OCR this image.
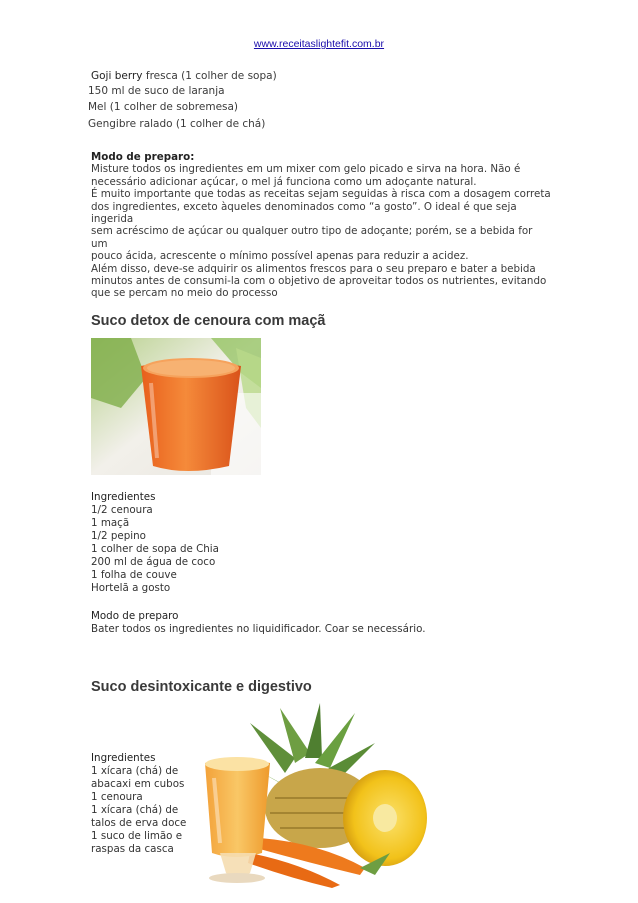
www.receitaslightefit.com.br
Goji berry fresca (1 colher de sopa)
150 ml de suco de laranja
Mel (1 colher de sobremesa)
Gengibre ralado (1 colher de chá)

Modo de preparo:

Misture todos os ingredientes em um mixer com gelo picado e sirva na hora. Não é

necessário adicionar açúcar, o mel já funciona como um adoçante natural.

É muito importante que todas as receitas sejam seguidas à risca com a dosagem correta

dos ingredientes, exceto àqueles denominados como “a gosto”. O ideal é que seja ingerida

sem acréscimo de açúcar ou qualquer outro tipo de adoçante; porém, se a bebida for um

pouco ácida, acrescente o mínimo possível apenas para reduzir a acidez.

Além disso, deve-se adquirir os alimentos frescos para o seu preparo e bater a bebida

minutos antes de consumi-la com o objetivo de aproveitar todos os nutrientes, evitando

que se percam no meio do processo

Suco detox de cenoura com maçã
Ingredientes
1/2 cenoura
1 maçã
1/2 pepino
1 colher de sopa de Chia
200 ml de água de coco
1 folha de couve
Hortelã a gosto
Modo de preparo
Bater todos os ingredientes no liquidificador. Coar se necessário.
Suco desintoxicante e digestivo
Ingredientes
1 xícara (chá) de
abacaxi em cubos
1 cenoura
1 xícara (chá) de
talos de erva doce
1 suco de limão e
raspas da casca
